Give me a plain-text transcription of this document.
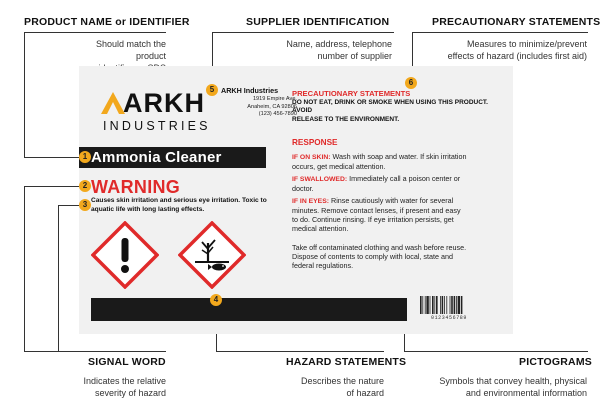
PRODUCT NAME or IDENTIFIER
Should match the product
SUPPLIER IDENTIFICATION
Name, address, telephone
number of supplier
PRECAUTIONARY STATEMENTS
Measures to minimize/prevent
effects of hazard (includes first aid)
SIGNAL WORD
Indicates the relative
severity of hazard
HAZARD STATEMENTS
Describes the nature
of hazard
PICTOGRAMS
Symbols that convey health, physical
and environmental information
ARKH
INDUSTRIES
ARKH Industries
1919 Empire Ave.
Anaheim, CA 92806
(123) 456-7890
Ammonia Cleaner
WARNING
Causes skin irritation and serious eye irritation. Toxic to
aquatic life with long lasting effects.
PRECAUTIONARY STATEMENTS
DO NOT EAT, DRINK OR SMOKE WHEN USING THIS PRODUCT. AVOID
RELEASE TO THE ENVIRONMENT.
RESPONSE
IF ON SKIN: Wash with soap and water. If skin irritation
occurs, get medical attention.
IF SWALLOWED: Immediately call a poison center or
doctor.
IF IN EYES: Rinse cautiously with water for several
minutes. Remove contact lenses, if present and easy
to do. Continue rinsing. If eye irritation persists, get
medical attention.
Take off contaminated clothing and wash before reuse.
Dispose of contents to comply with local, state and
federal regulations.
0123456789
1
2
3
4
5
6
